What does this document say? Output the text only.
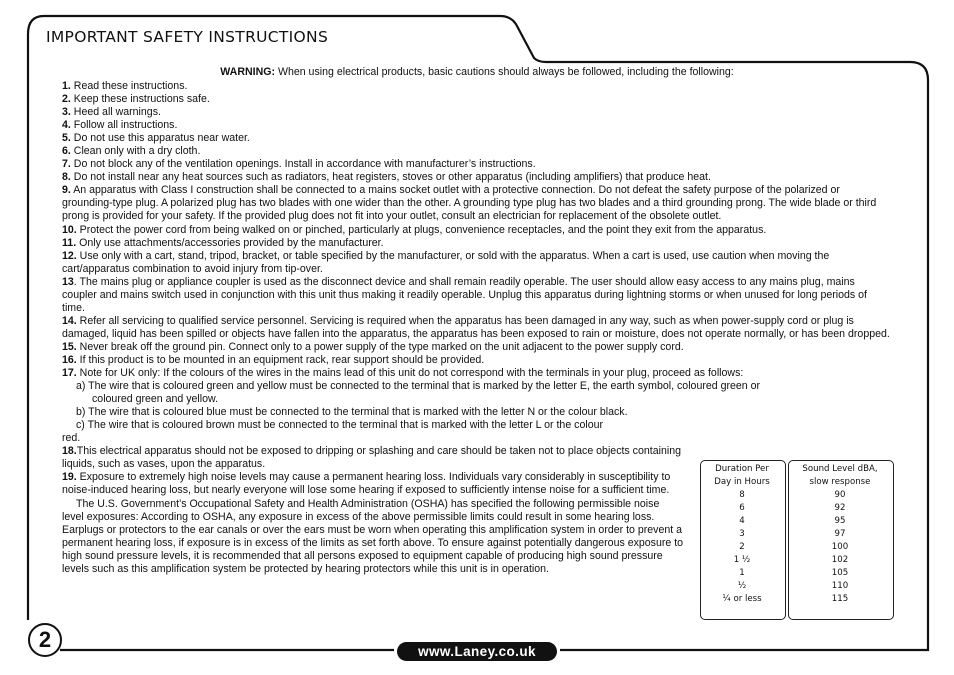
IMPORTANT SAFETY INSTRUCTIONS
WARNING: When using electrical products, basic cautions should always be followed, including the following:

1. Read these instructions.

2. Keep these instructions safe.

3. Heed all warnings.

4. Follow all instructions.

5. Do not use this apparatus near water.

6. Clean only with a dry cloth.

7. Do not block any of the ventilation openings. Install in accordance with manufacturer’s instructions.

8. Do not install near any heat sources such as radiators, heat registers, stoves or other apparatus (including amplifiers) that produce heat.

9. An apparatus with Class I construction shall be connected to a mains socket outlet with a protective connection. Do not defeat the safety purpose of the polarized or grounding-type plug. A polarized plug has two blades with one wider than the other. A grounding type plug has two blades and a third grounding prong. The wide blade or third prong is provided for your safety. If the provided plug does not fit into your outlet, consult an electrician for replacement of the obsolete outlet.

10. Protect the power cord from being walked on or pinched, particularly at plugs, convenience receptacles, and the point they exit from the apparatus.

11. Only use attachments/accessories provided by the manufacturer.

12. Use only with a cart, stand, tripod, bracket, or table specified by the manufacturer, or sold with the apparatus. When a cart is used, use caution when moving the cart/apparatus combination to avoid injury from tip-over.

13. The mains plug or appliance coupler is used as the disconnect device and shall remain readily operable. The user should allow easy access to any mains plug, mains coupler and mains switch used in conjunction with this unit thus making it readily operable. Unplug this apparatus during lightning storms or when unused for long periods of time.

14. Refer all servicing to qualified service personnel. Servicing is required when the apparatus has been damaged in any way, such as when power-supply cord or plug is damaged, liquid has been spilled or objects have fallen into the apparatus, the apparatus has been exposed to rain or moisture, does not operate normally, or has been dropped.

15. Never break off the ground pin. Connect only to a power supply of the type marked on the unit adjacent to the power supply cord.

16. If this product is to be mounted in an equipment rack, rear support should be provided.

17. Note for UK only: If the colours of the wires in the mains lead of this unit do not correspond with the terminals in your plug, proceed as follows:

a) The wire that is coloured green and yellow must be connected to the terminal that is marked by the letter E, the earth symbol, coloured green or

coloured green and yellow.

b) The wire that is coloured blue must be connected to the terminal that is marked with the letter N or the colour black.

c) The wire that is coloured brown must be connected to the terminal that is marked with the letter L or the colour

red.

18.This electrical apparatus should not be exposed to dripping or splashing and care should be taken not to place objects containing liquids, such as vases, upon the apparatus.

19. Exposure to extremely high noise levels may cause a permanent hearing loss. Individuals vary considerably in susceptibility to noise-induced hearing loss, but nearly everyone will lose some hearing if exposed to sufficiently intense noise for a sufficient time.

The U.S. Government’s Occupational Safety and Health Administration (OSHA) has specified the following permissible noise level exposures: According to OSHA, any exposure in excess of the above permissible limits could result in some hearing loss. Earplugs or protectors to the ear canals or over the ears must be worn when operating this amplification system in order to prevent a permanent hearing loss, if exposure is in excess of the limits as set forth above. To ensure against potentially dangerous exposure to high sound pressure levels, it is recommended that all persons exposed to equipment capable of producing high sound pressure levels such as this amplification system be protected by hearing protectors while this unit is in operation.

Duration Per
Day in Hours
8
6
4
3
2
1 ½
1
½
¼ or less
Sound Level dBA,
slow response
90
92
95
97
100
102
105
110
115
2	www.Laney.co.uk
